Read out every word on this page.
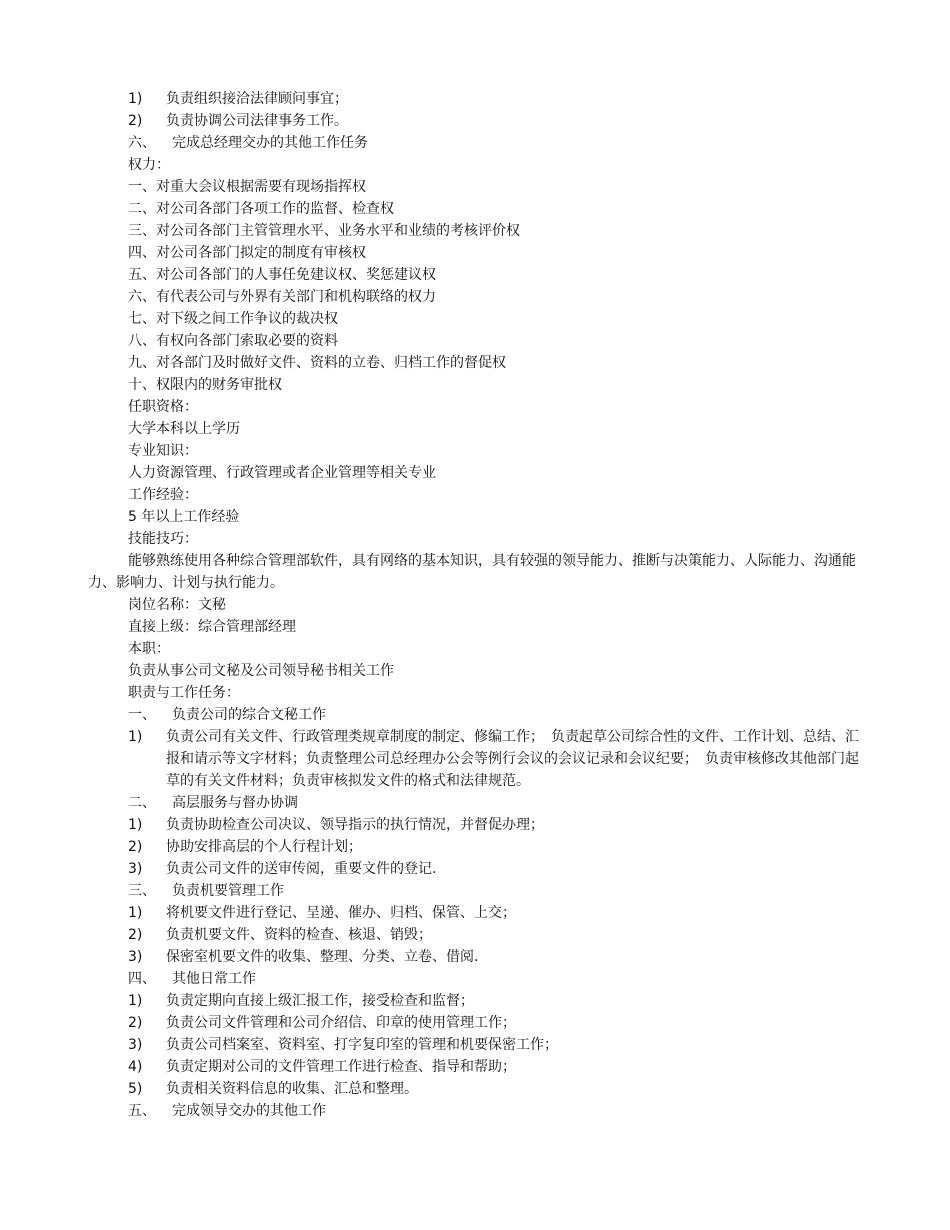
1)	负责组织接洽法律顾问事宜；
2)	负责协调公司法律事务工作。
六、 完成总经理交办的其他工作任务
权力：
一、对重大会议根据需要有现场指挥权
二、对公司各部门各项工作的监督、检查权
三、对公司各部门主管管理水平、业务水平和业绩的考核评价权
四、对公司各部门拟定的制度有审核权
五、对公司各部门的人事任免建议权、奖惩建议权
六、有代表公司与外界有关部门和机构联络的权力
七、对下级之间工作争议的裁决权
八、有权向各部门索取必要的资料
九、对各部门及时做好文件、资料的立卷、归档工作的督促权
十、权限内的财务审批权
任职资格：
大学本科以上学历
专业知识：
人力资源管理、行政管理或者企业管理等相关专业
工作经验：
5 年以上工作经验
技能技巧：
能够熟练使用各种综合管理部软件，具有网络的基本知识，具有较强的领导能力、推断与决策能力、人际能力、沟通能力、影响力、计划与执行能力。
岗位名称：文秘
直接上级：综合管理部经理
本职：
负责从事公司文秘及公司领导秘书相关工作
职责与工作任务：
一、 负责公司的综合文秘工作
1)	负责公司有关文件、行政管理类规章制度的制定、修编工作；　负责起草公司综合性的文件、工作计划、总结、汇报和请示等文字材料；负责整理公司总经理办公会等例行会议的会议记录和会议纪要；　负责审核修改其他部门起草的有关文件材料；负责审核拟发文件的格式和法律规范。
二、 高层服务与督办协调
1)	负责协助检查公司决议、领导指示的执行情况，并督促办理；
2)	协助安排高层的个人行程计划；
3)	负责公司文件的送审传阅，重要文件的登记.
三、 负责机要管理工作
1)	将机要文件进行登记、呈递、催办、归档、保管、上交；
2)	负责机要文件、资料的检查、核退、销毁；
3)	保密室机要文件的收集、整理、分类、立卷、借阅.
四、 其他日常工作
1)	负责定期向直接上级汇报工作，接受检查和监督；
2)	负责公司文件管理和公司介绍信、印章的使用管理工作；
3)	负责公司档案室、资料室、打字复印室的管理和机要保密工作；
4)	负责定期对公司的文件管理工作进行检查、指导和帮助；
5)	负责相关资料信息的收集、汇总和整理。
五、 完成领导交办的其他工作
